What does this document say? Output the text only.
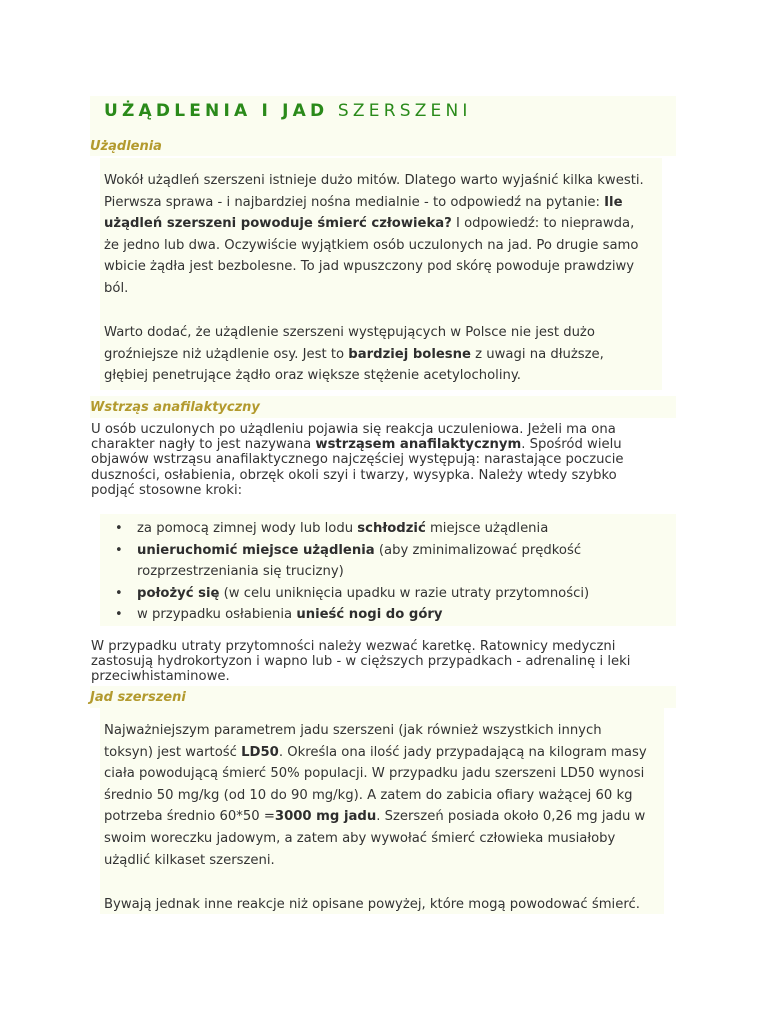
UŻĄDLENIA I JAD SZERSZENI
Użądlenia

Wokół użądleń szerszeni istnieje dużo mitów. Dlatego warto wyjaśnić kilka kwesti.
Pierwsza sprawa - i najbardziej nośna medialnie - to odpowiedź na pytanie: Ile
użądleń szerszeni powoduje śmierć człowieka? I odpowiedź: to nieprawda,
że jedno lub dwa. Oczywiście wyjątkiem osób uczulonych na jad. Po drugie samo
wbicie żądła jest bezbolesne. To jad wpuszczony pod skórę powoduje prawdziwy
ból.

Warto dodać, że użądlenie szerszeni występujących w Polsce nie jest dużo
groźniejsze niż użądlenie osy. Jest to bardziej bolesne z uwagi na dłuższe,
głębiej penetrujące żądło oraz większe stężenie acetylocholiny.

Wstrząs anafilaktyczny

U osób uczulonych po użądleniu pojawia się reakcja uczuleniowa. Jeżeli ma ona
charakter nagły to jest nazywana wstrząsem anafilaktycznym. Spośród wielu
objawów wstrząsu anafilaktycznego najczęściej występują: narastające poczucie
duszności, osłabienia, obrzęk okoli szyi i twarzy, wysypka. Należy wtedy szybko
podjąć stosowne kroki:

• za pomocą zimnej wody lub lodu schłodzić miejsce użądlenia
• unieruchomić miejsce użądlenia (aby zminimalizować prędkość
rozprzestrzeniania się trucizny)
• położyć się (w celu uniknięcia upadku w razie utraty przytomności)
• w przypadku osłabienia unieść nogi do góry

W przypadku utraty przytomności należy wezwać karetkę. Ratownicy medyczni
zastosują hydrokortyzon i wapno lub - w cięższych przypadkach - adrenalinę i leki
przeciwhistaminowe.

Jad szerszeni

Najważniejszym parametrem jadu szerszeni (jak również wszystkich innych
toksyn) jest wartość LD50. Określa ona ilość jady przypadającą na kilogram masy
ciała powodującą śmierć 50% populacji. W przypadku jadu szerszeni LD50 wynosi
średnio 50 mg/kg (od 10 do 90 mg/kg). A zatem do zabicia ofiary ważącej 60 kg
potrzeba średnio 60*50 =3000 mg jadu. Szerszeń posiada około 0,26 mg jadu w
swoim woreczku jadowym, a zatem aby wywołać śmierć człowieka musiałoby
użądlić kilkaset szerszeni.

Bywają jednak inne reakcje niż opisane powyżej, które mogą powodować śmierć.
